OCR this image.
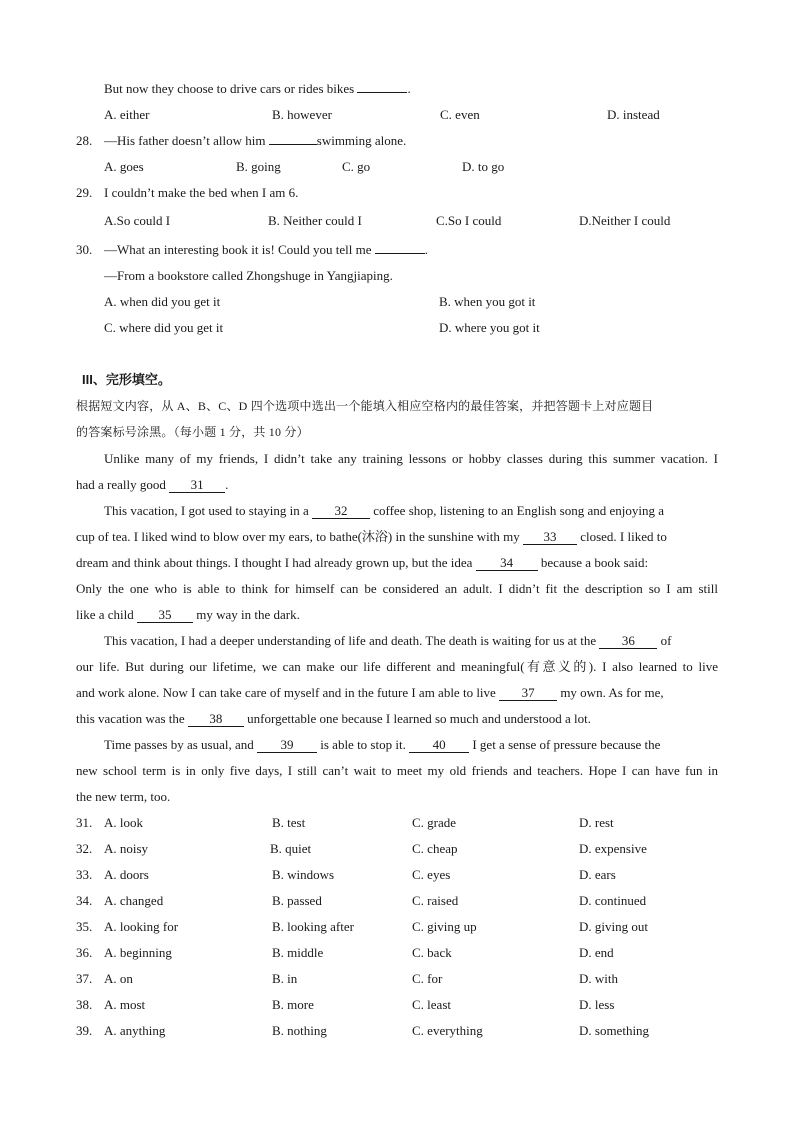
But now they choose to drive cars or rides bikes	.
A. either	B. however	C. even	D. instead
28. —His father doesn’t allow him	swimming alone.
A. goes	B. going	C. go	D. to go
29. I couldn’t make the bed when I am 6.
A.So could I	B. Neither could I	C.So I could	D.Neither I could
30. —What an interesting book it is! Could you tell me	.
—From a bookstore called Zhongshuge in Yangjiaping.
A. when did you get it	B. when you got it
C. where did you get it	D. where you got it
III、完形填空。
根据短文内容，从 A、B、C、D 四个选项中选出一个能填入相应空格内的最佳答案，并把答题卡上对应题目
的答案标号涂黑。（每小题 1 分，共 10 分）
Unlike many of my friends, I didn’t take any training lessons or hobby classes during this summer vacation. I
had a really good 31 .
This vacation, I got used to staying in a 32 coffee shop, listening to an English song and enjoying a
cup of tea. I liked wind to blow over my ears, to bathe(沐浴) in the sunshine with my 33 closed. I liked to
dream and think about things. I thought I had already grown up, but the idea 34 because a book said:
Only the one who is able to think for himself can be considered an adult. I didn’t fit the description so I am still
like a child 35 my way in the dark.
This vacation, I had a deeper understanding of life and death. The death is waiting for us at the 36 of
our life. But during our lifetime, we can make our life different and meaningful(有意义的). I also learned to live
and work alone. Now I can take care of myself and in the future I am able to live 37 my own. As for me,
this vacation was the 38 unforgettable one because I learned so much and understood a lot.
Time passes by as usual, and 39 is able to stop it. 40 I get a sense of pressure because the
new school term is in only five days, I still can’t wait to meet my old friends and teachers. Hope I can have fun in
the new term, too.
31. A. look	B. test	C. grade	D. rest
32. A. noisy	B. quiet	C. cheap	D. expensive
33. A. doors	B. windows	C. eyes	D. ears
34. A. changed	B. passed	C. raised	D. continued
35. A. looking for	B. looking after	C. giving up	D. giving out
36. A. beginning	B. middle	C. back	D. end
37. A. on	B. in	C. for	D. with
38. A. most	B. more	C. least	D. less
39. A. anything	B. nothing	C. everything	D. something
